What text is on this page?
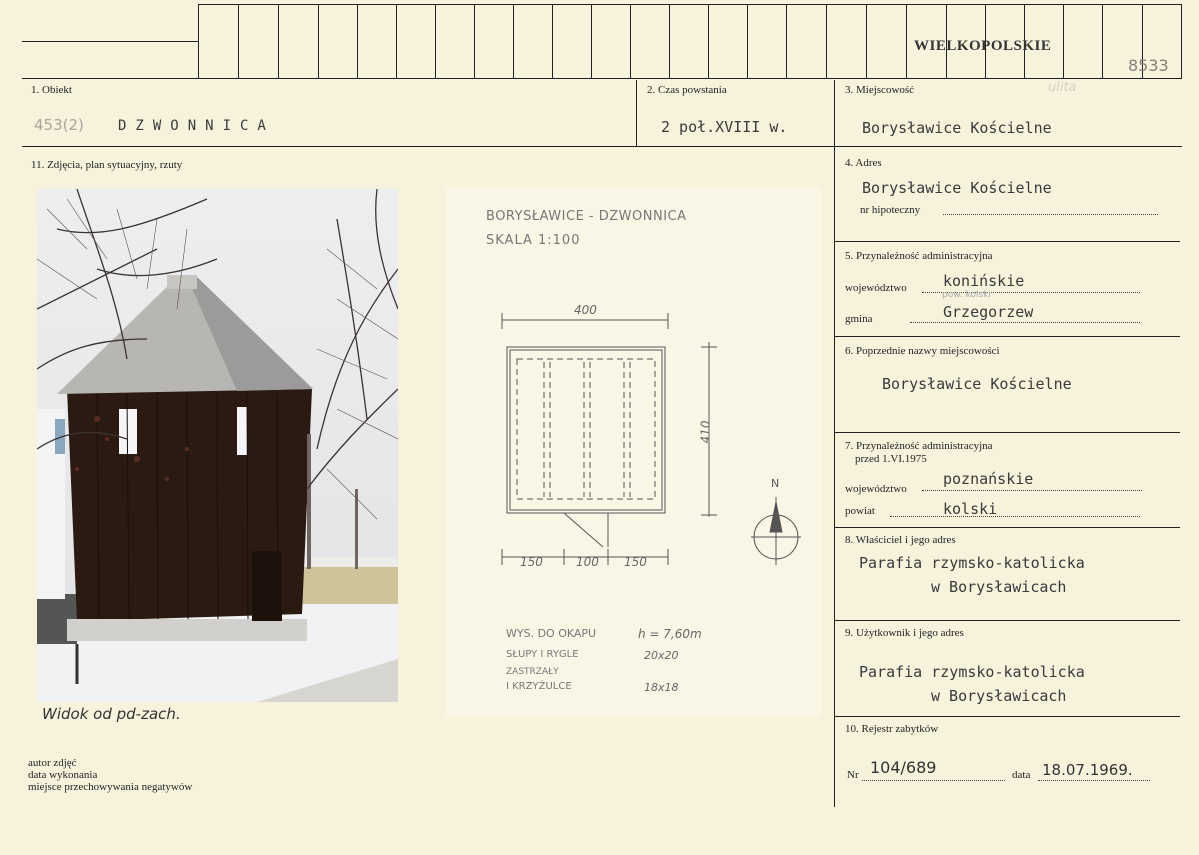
WIELKOPOLSKIE
8533
ulita
1. Obiekt
453(2) DZWONNICA
2. Czas powstania
2 poł.XVIII w.
3. Miejscowość
Borysławice Kościelne
11. Zdjęcia, plan sytuacyjny, rzuty
Widok od pd-zach.
BORYSŁAWICE - DZWONNICA
SKALA 1:100
400
410
150	100 150
N
WYS. DO OKAPU	h = 7,60m
SŁUPY I RYGLE	20x20
ZASTRZAŁY
I KRZYŻULCE	18x18
4. Adres
Borysławice Kościelne
nr hipoteczny
5. Przynależność administracyjna
województwo konińskie
pow. kolski
gmina	Grzegorzew
6. Poprzednie nazwy miejscowości
Borysławice Kościelne
7. Przynależność administracyjna
przed 1.VI.1975
województwo
poznańskie
powiat	kolski
8. Właściciel i jego adres
Parafia rzymsko-katolicka
w Borysławicach
9. Użytkownik i jego adres
Parafia rzymsko-katolicka
w Borysławicach
10. Rejestr zabytków
Nr 104/689	data 18.07.1969.
autor zdjęć
data wykonania
miejsce przechowywania negatywów
